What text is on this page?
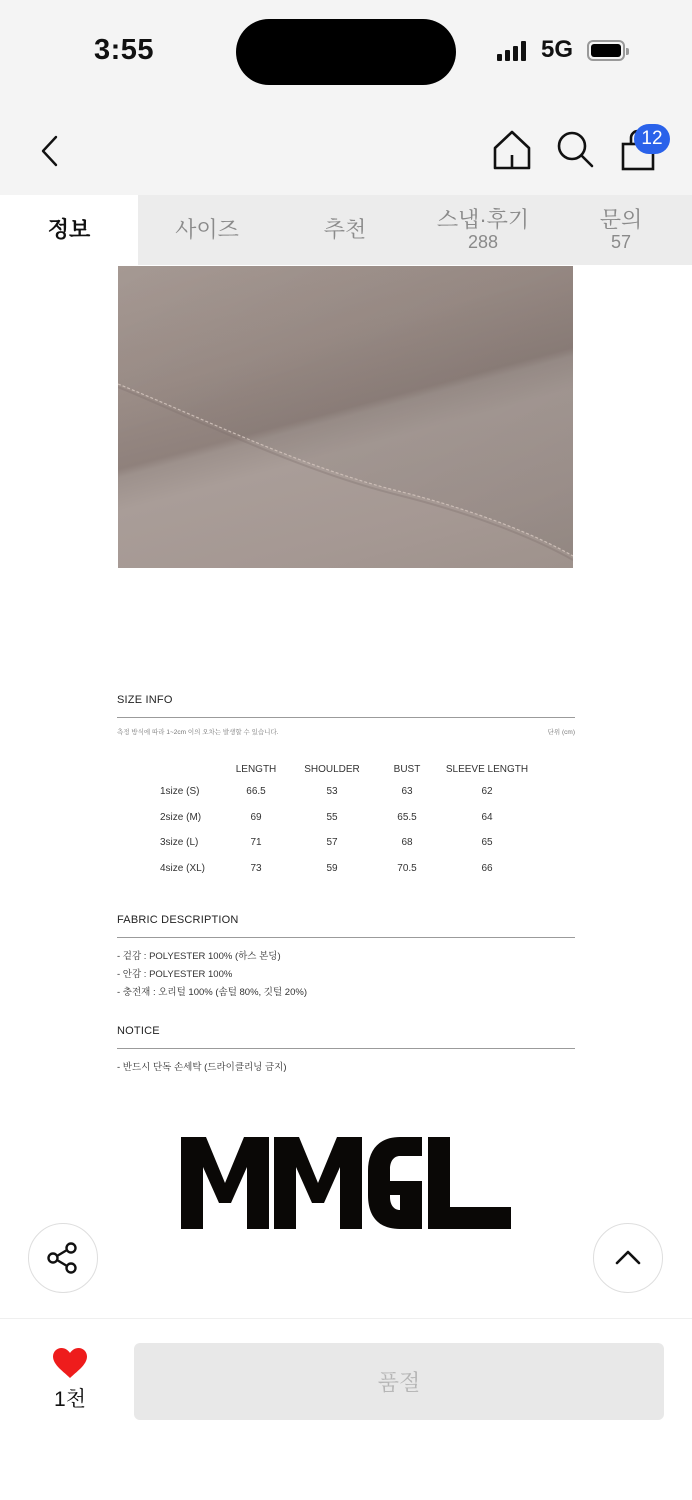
3:55	5G
12
정보	사이즈	추천	스냅·후기
288
문의
57
SIZE INFO
측정 방식에 따라 1~2cm 이의 오차는 발생할 수 있습니다.	단위 (cm)
	LENGTH	SHOULDER	BUST	SLEEVE LENGTH
1size (S)	66.5	53	63	62
2size (M)	69	55	65.5	64
3size (L)	71	57	68	65
4size (XL)	73	59	70.5	66
FABRIC DESCRIPTION
- 겉감 : POLYESTER 100% (하스 본딩)
- 안감 : POLYESTER 100%
- 충전재 : 오리털 100% (솜털 80%, 깃털 20%)
NOTICE
- 반드시 단독 손세탁 (드라이클리닝 금지)
1천
품절
